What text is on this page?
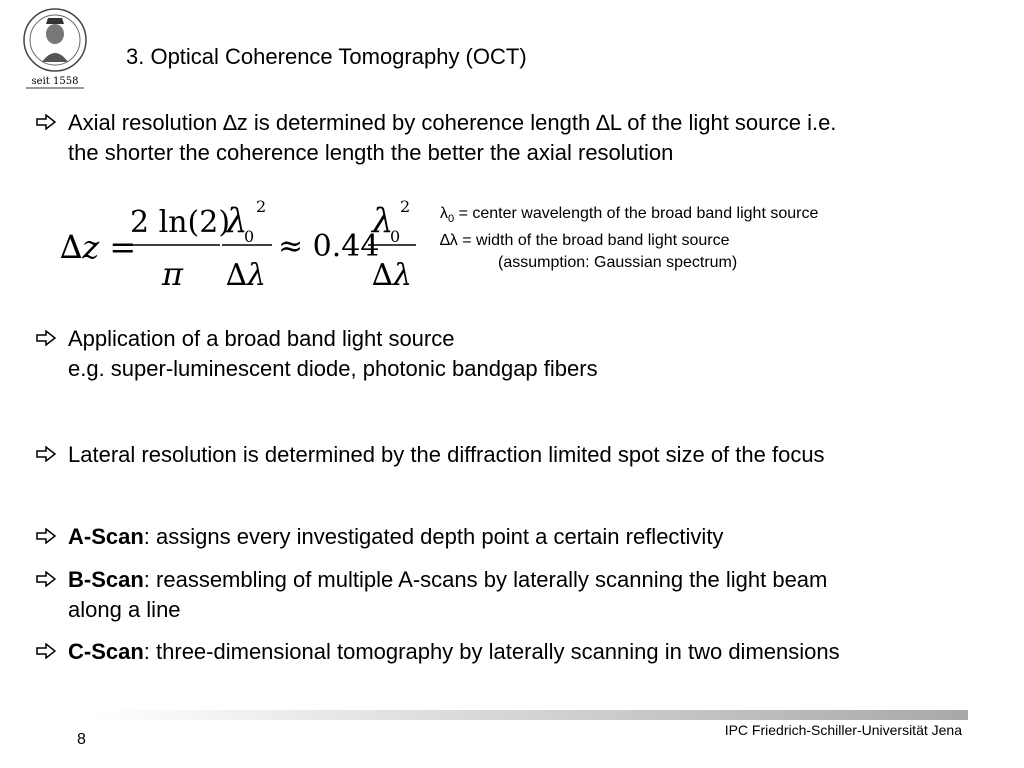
seit 1558
3. Optical Coherence Tomography (OCT)
Axial resolution ∆z is determined by coherence length ∆L of the light source i.e.
the shorter the coherence length the better the axial resolution
∆z =
2 ln(2)
π
λ
0
2
∆λ
≈ 0.44
λ
0
2
∆λ
$\lambda_0$ = center wavelength of the broad band light source
∆λ = width of the broad band light source
(assumption: Gaussian spectrum)
Application of a broad band light source
e.g. super-luminescent diode, photonic bandgap fibers
Lateral resolution is determined by the diffraction limited spot size of the focus
A-Scan: assigns every investigated depth point a certain reflectivity
B-Scan: reassembling of multiple A-scans by laterally scanning the light beam
along a line
C-Scan: three-dimensional tomography by laterally scanning in two dimensions
IPC Friedrich-Schiller-Universität Jena
8
